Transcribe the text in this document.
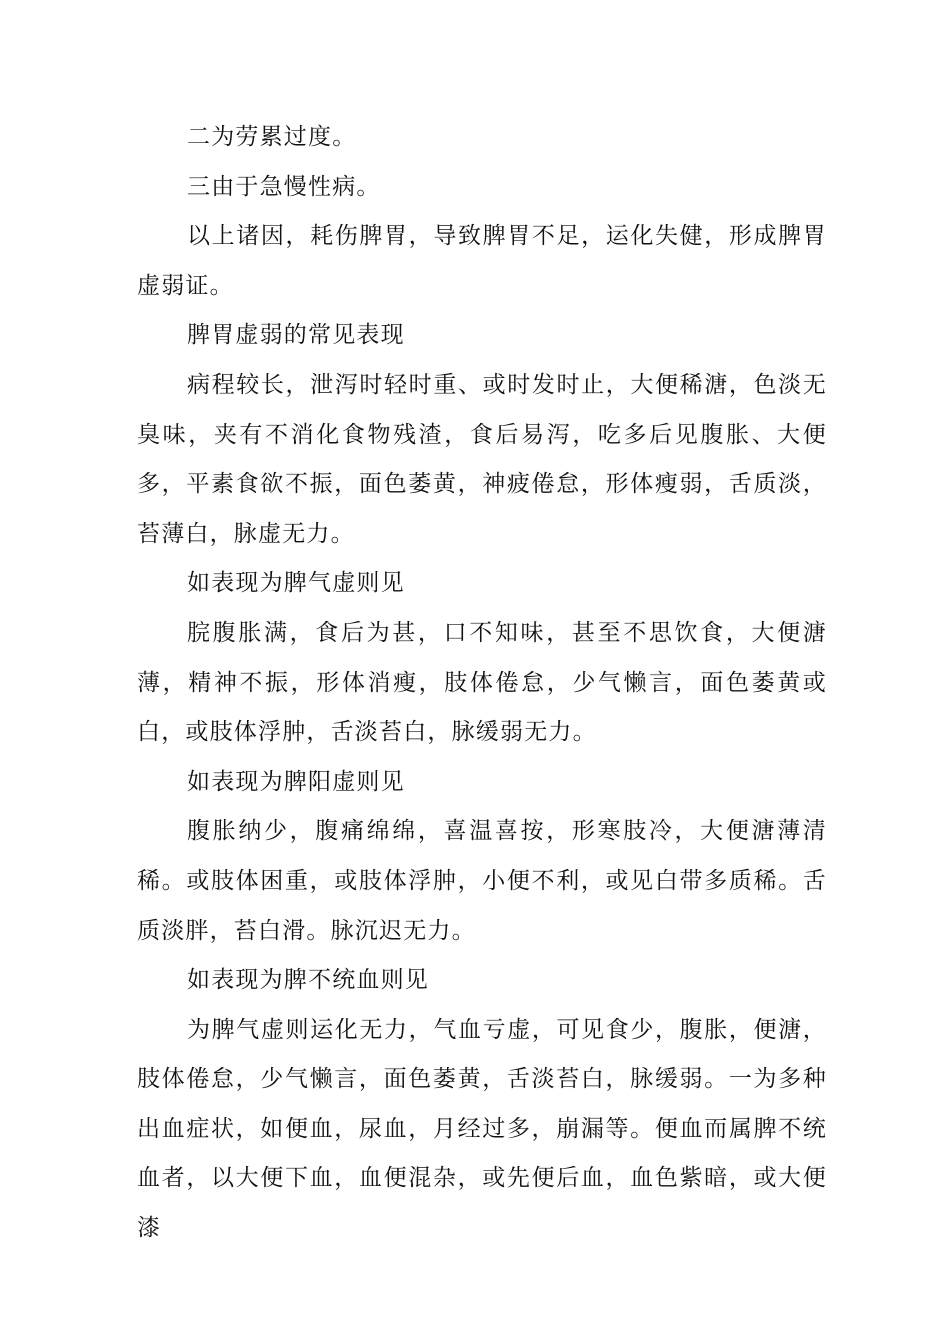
二为劳累过度。

三由于急慢性病。

以上诸因，耗伤脾胃，导致脾胃不足，运化失健，形成脾胃虚弱证。

脾胃虚弱的常见表现

病程较长，泄泻时轻时重、或时发时止，大便稀溏，色淡无臭味，夹有不消化食物残渣，食后易泻，吃多后见腹胀、大便多，平素食欲不振，面色萎黄，神疲倦怠，形体瘦弱，舌质淡，苔薄白，脉虚无力。

如表现为脾气虚则见

脘腹胀满，食后为甚，口不知味，甚至不思饮食，大便溏薄，精神不振，形体消瘦，肢体倦怠，少气懒言，面色萎黄或白，或肢体浮肿，舌淡苔白，脉缓弱无力。

如表现为脾阳虚则见

腹胀纳少，腹痛绵绵，喜温喜按，形寒肢冷，大便溏薄清稀。或肢体困重，或肢体浮肿，小便不利，或见白带多质稀。舌质淡胖，苔白滑。脉沉迟无力。

如表现为脾不统血则见

为脾气虚则运化无力，气血亏虚，可见食少，腹胀，便溏，肢体倦怠，少气懒言，面色萎黄，舌淡苔白，脉缓弱。一为多种出血症状，如便血，尿血，月经过多，崩漏等。便血而属脾不统血者，以大便下血，血便混杂，或先便后血，血色紫暗，或大便漆
